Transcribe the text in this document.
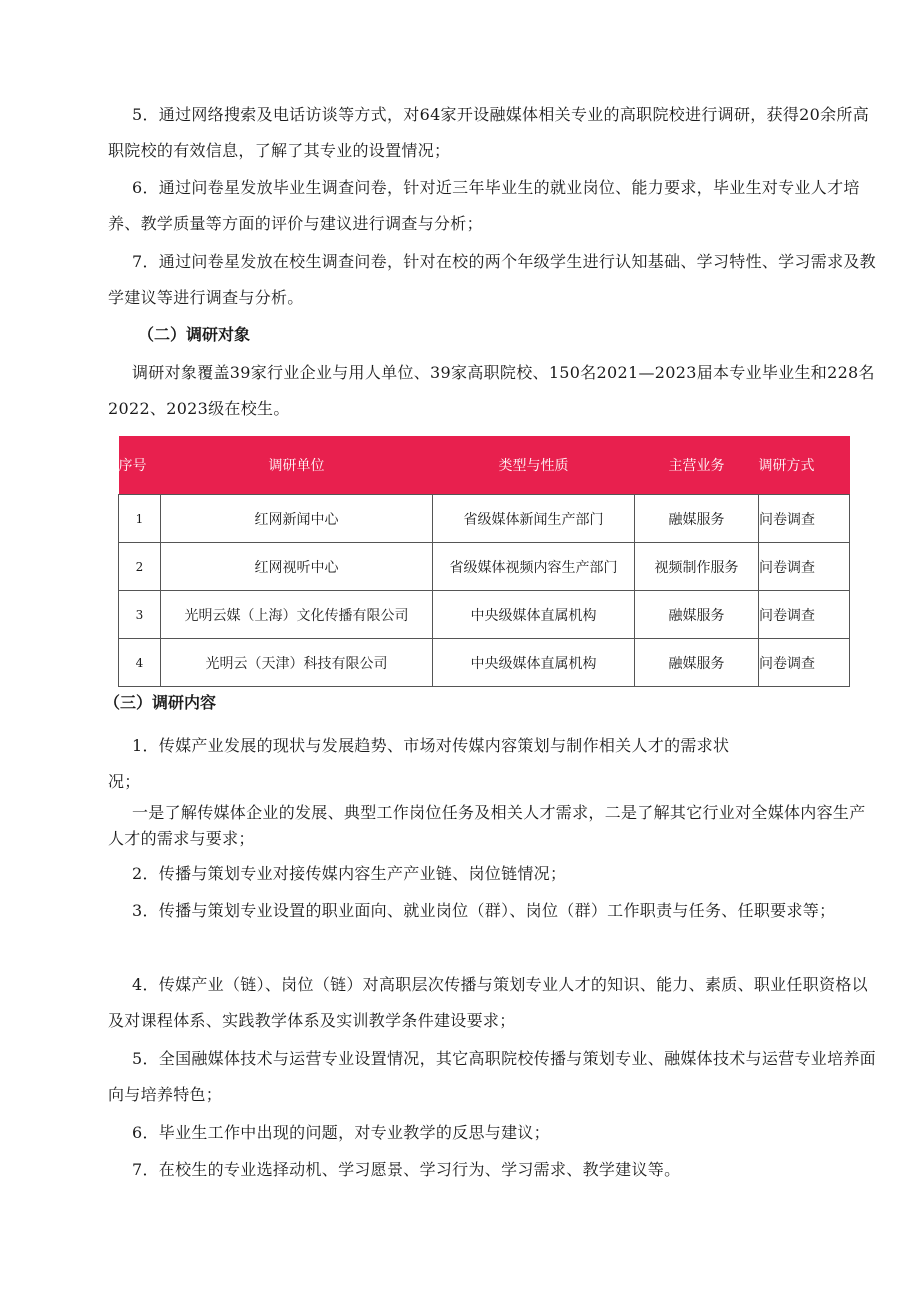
5．通过网络搜索及电话访谈等方式，对64家开设融媒体相关专业的高职院校进行调研，获得20余所高职院校的有效信息，了解了其专业的设置情况；

6．通过问卷星发放毕业生调查问卷，针对近三年毕业生的就业岗位、能力要求，毕业生对专业人才培养、教学质量等方面的评价与建议进行调查与分析；

7．通过问卷星发放在校生调查问卷，针对在校的两个年级学生进行认知基础、学习特性、学习需求及教学建议等进行调查与分析。

（二）调研对象

调研对象覆盖39家行业企业与用人单位、39家高职院校、150名2021—2023届本专业毕业生和228名2022、2023级在校生。

序号	调研单位	类型与性质	主营业务	调研方式
1	红网新闻中心	省级媒体新闻生产部门	融媒服务	问卷调查
2	红网视听中心	省级媒体视频内容生产部门	视频制作服务	问卷调查
3	光明云媒（上海）文化传播有限公司	中央级媒体直属机构	融媒服务	问卷调查
4	光明云（天津）科技有限公司	中央级媒体直属机构	融媒服务	问卷调查
（三）调研内容

1．传媒产业发展的现状与发展趋势、市场对传媒内容策划与制作相关人才的需求状

况；

一是了解传媒体企业的发展、典型工作岗位任务及相关人才需求，二是了解其它行业对全媒体内容生产人才的需求与要求；

2．传播与策划专业对接传媒内容生产产业链、岗位链情况；

3．传播与策划专业设置的职业面向、就业岗位（群）、岗位（群）工作职责与任务、任职要求等；

4．传媒产业（链）、岗位（链）对高职层次传播与策划专业人才的知识、能力、素质、职业任职资格以及对课程体系、实践教学体系及实训教学条件建设要求；

5．全国融媒体技术与运营专业设置情况，其它高职院校传播与策划专业、融媒体技术与运营专业培养面向与培养特色；

6．毕业生工作中出现的问题，对专业教学的反思与建议；

7．在校生的专业选择动机、学习愿景、学习行为、学习需求、教学建议等。
